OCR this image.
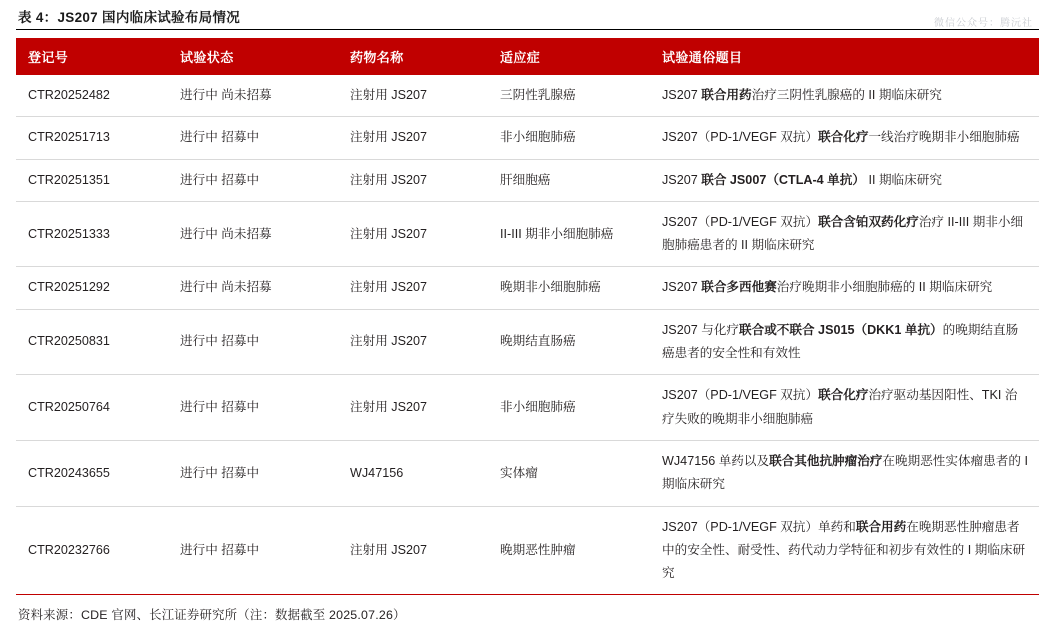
表 4：JS207 国内临床试验布局情况	微信公众号：腾沅社
登记号	试验状态	药物名称	适应症	试验通俗题目
CTR20252482	进行中 尚未招募	注射用 JS207	三阴性乳腺癌	JS207 联合用药治疗三阴性乳腺癌的 II 期临床研究
CTR20251713	进行中 招募中	注射用 JS207	非小细胞肺癌	JS207（PD-1/VEGF 双抗）联合化疗一线治疗晚期非小细胞肺癌
CTR20251351	进行中 招募中	注射用 JS207	肝细胞癌	JS207 联合 JS007（CTLA-4 单抗） II 期临床研究
CTR20251333	进行中 尚未招募	注射用 JS207	II-III 期非小细胞肺癌	JS207（PD-1/VEGF 双抗）联合含铂双药化疗治疗 II-III 期非小细胞肺癌患者的 II 期临床研究
CTR20251292	进行中 尚未招募	注射用 JS207	晚期非小细胞肺癌	JS207 联合多西他赛治疗晚期非小细胞肺癌的 II 期临床研究
CTR20250831	进行中 招募中	注射用 JS207	晚期结直肠癌	JS207 与化疗联合或不联合 JS015（DKK1 单抗）的晚期结直肠癌患者的安全性和有效性
CTR20250764	进行中 招募中	注射用 JS207	非小细胞肺癌	JS207（PD-1/VEGF 双抗）联合化疗治疗驱动基因阳性、TKI 治疗失败的晚期非小细胞肺癌
CTR20243655	进行中 招募中	WJ47156	实体瘤	WJ47156 单药以及联合其他抗肿瘤治疗在晚期恶性实体瘤患者的 I 期临床研究
CTR20232766	进行中 招募中	注射用 JS207	晚期恶性肿瘤	JS207（PD-1/VEGF 双抗）单药和联合用药在晚期恶性肿瘤患者中的安全性、耐受性、药代动力学特征和初步有效性的 I 期临床研究
资料来源：CDE 官网、长江证券研究所（注：数据截至 2025.07.26）
